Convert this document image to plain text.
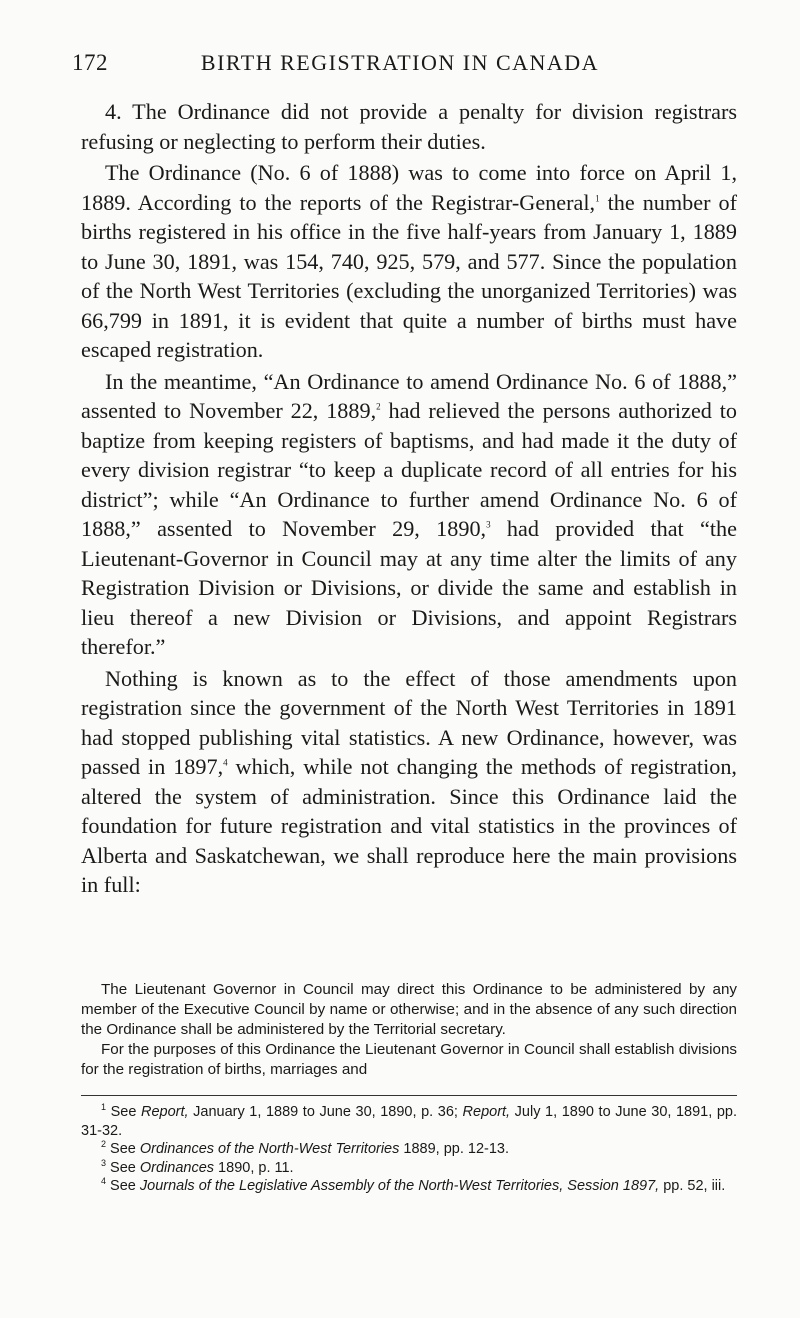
172	BIRTH REGISTRATION IN CANADA

4. The Ordinance did not provide a penalty for division registrars refusing or neglecting to perform their duties.

The Ordinance (No. 6 of 1888) was to come into force on April 1, 1889. According to the reports of the Registrar-General,$^1$ the number of births registered in his office in the five half-years from January 1, 1889 to June 30, 1891, was 154, 740, 925, 579, and 577. Since the population of the North West Territories (excluding the unorganized Territories) was 66,799 in 1891, it is evident that quite a number of births must have escaped registration.

In the meantime, “An Ordinance to amend Ordinance No. 6 of 1888,” assented to November 22, 1889,$^2$ had relieved the persons authorized to baptize from keeping registers of baptisms, and had made it the duty of every division registrar “to keep a duplicate record of all entries for his district”; while “An Ordinance to further amend Ordinance No. 6 of 1888,” assented to November 29, 1890,$^3$ had provided that “the Lieutenant-Governor in Council may at any time alter the limits of any Registration Division or Divisions, or divide the same and establish in lieu thereof a new Division or Divisions, and appoint Registrars therefor.”

Nothing is known as to the effect of those amendments upon registration since the government of the North West Territories in 1891 had stopped publishing vital statistics. A new Ordinance, however, was passed in 1897,$^4$ which, while not changing the methods of registration, altered the system of administration. Since this Ordinance laid the foundation for future registration and vital statistics in the provinces of Alberta and Saskatchewan, we shall reproduce here the main provisions in full:

The Lieutenant Governor in Council may direct this Ordinance to be administered by any member of the Executive Council by name or otherwise; and in the absence of any such direction the Ordinance shall be administered by the Territorial secretary.

For the purposes of this Ordinance the Lieutenant Governor in Council shall establish divisions for the registration of births, marriages and

$^1$ See Report, January 1, 1889 to June 30, 1890, p. 36; Report, July 1, 1890 to June 30, 1891, pp. 31-32.

$^2$ See Ordinances of the North-West Territories 1889, pp. 12-13.

$^3$ See Ordinances 1890, p. 11.

$^4$ See Journals of the Legislative Assembly of the North-West Territories, Session 1897, pp. 52, iii.
